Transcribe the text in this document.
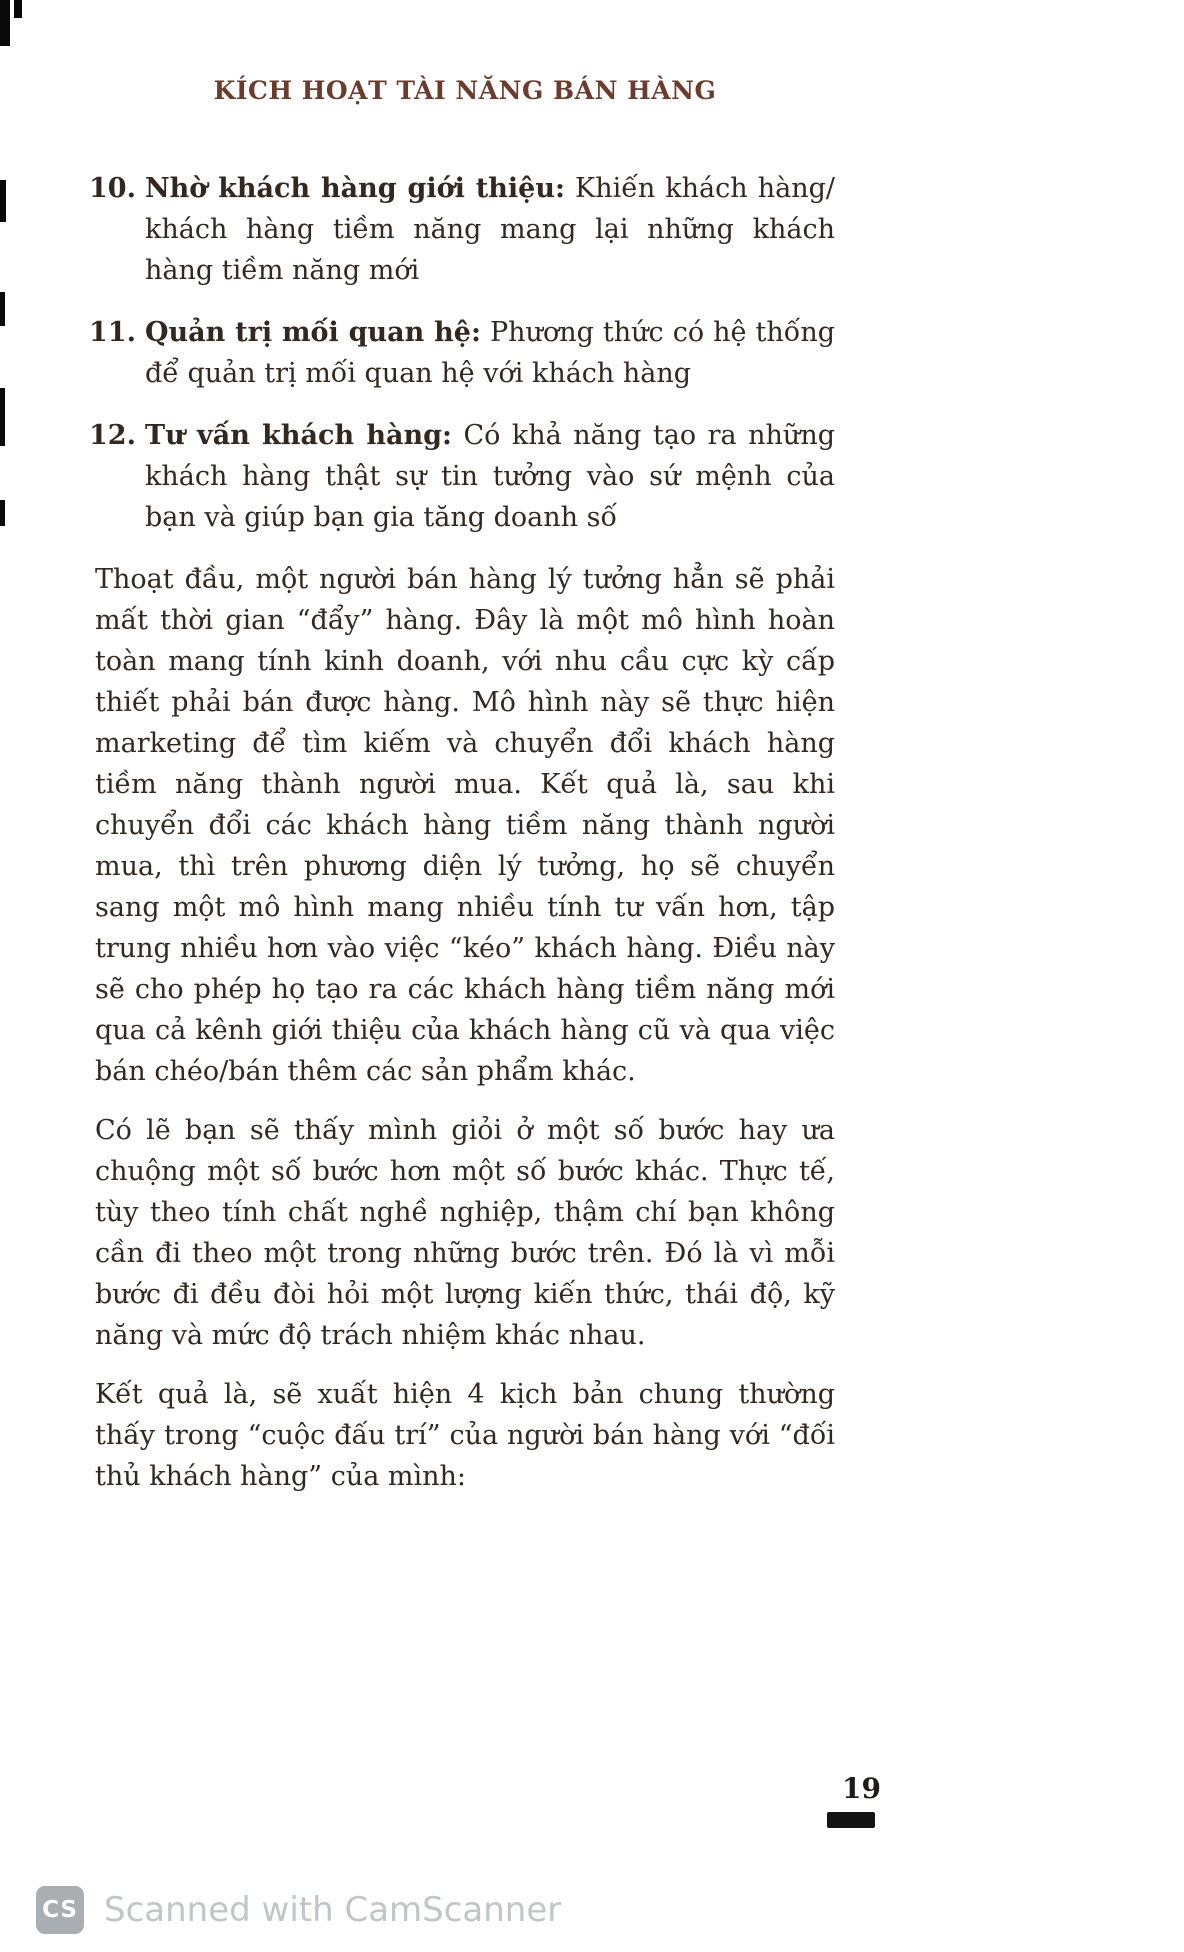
KÍCH HOẠT TÀI NĂNG BÁN HÀNG
10. Nhờ khách hàng giới thiệu: Khiến khách hàng/ khách hàng tiềm năng mang lại những khách hàng tiềm năng mới
11. Quản trị mối quan hệ: Phương thức có hệ thống để quản trị mối quan hệ với khách hàng
12. Tư vấn khách hàng: Có khả năng tạo ra những khách hàng thật sự tin tưởng vào sứ mệnh của bạn và giúp bạn gia tăng doanh số

Thoạt đầu, một người bán hàng lý tưởng hẳn sẽ phải mất thời gian “đẩy” hàng. Đây là một mô hình hoàn toàn mang tính kinh doanh, với nhu cầu cực kỳ cấp thiết phải bán được hàng. Mô hình này sẽ thực hiện marketing để tìm kiếm và chuyển đổi khách hàng tiềm năng thành người mua. Kết quả là, sau khi chuyển đổi các khách hàng tiềm năng thành người mua, thì trên phương diện lý tưởng, họ sẽ chuyển sang một mô hình mang nhiều tính tư vấn hơn, tập trung nhiều hơn vào việc “kéo” khách hàng. Điều này sẽ cho phép họ tạo ra các khách hàng tiềm năng mới qua cả kênh giới thiệu của khách hàng cũ và qua việc bán chéo/bán thêm các sản phẩm khác.

Có lẽ bạn sẽ thấy mình giỏi ở một số bước hay ưa chuộng một số bước hơn một số bước khác. Thực tế, tùy theo tính chất nghề nghiệp, thậm chí bạn không cần đi theo một trong những bước trên. Đó là vì mỗi bước đi đều đòi hỏi một lượng kiến thức, thái độ, kỹ năng và mức độ trách nhiệm khác nhau.

Kết quả là, sẽ xuất hiện 4 kịch bản chung thường thấy trong “cuộc đấu trí” của người bán hàng với “đối thủ khách hàng” của mình:

19
CS Scanned with CamScanner
